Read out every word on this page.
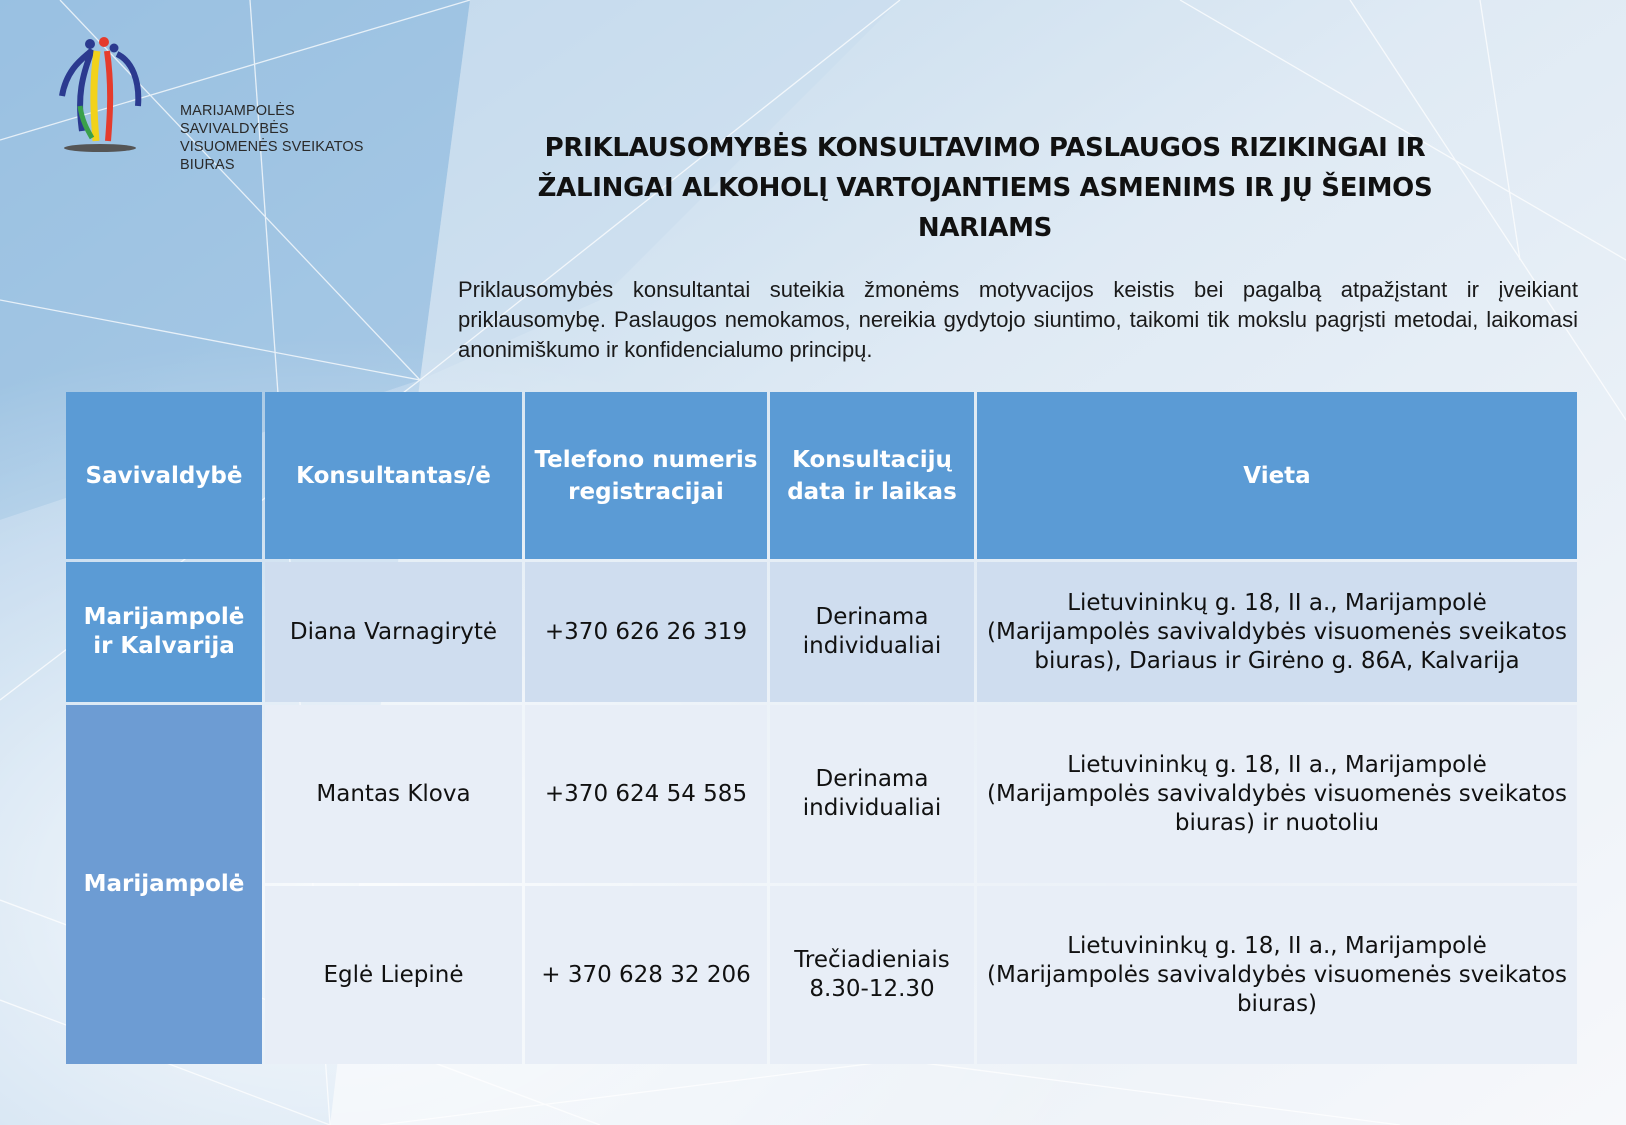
MARIJAMPOLĖS SAVIVALDYBĖS
VISUOMENĖS SVEIKATOS BIURAS
PRIKLAUSOMYBĖS KONSULTAVIMO PASLAUGOS RIZIKINGAI IR ŽALINGAI ALKOHOLĮ VARTOJANTIEMS ASMENIMS IR JŲ ŠEIMOS NARIAMS
Priklausomybės konsultantai suteikia žmonėms motyvacijos keistis bei pagalbą atpažįstant ir įveikiant priklausomybę. Paslaugos nemokamos, nereikia gydytojo siuntimo, taikomi tik mokslu pagrįsti metodai, laikomasi anonimiškumo ir konfidencialumo principų.
Savivaldybė	Konsultantas/ė	Telefono numeris registracijai	Konsultacijų data ir laikas	Vieta
Marijampolė ir Kalvarija	Diana Varnagirytė	+370 626 26 319	Derinama individualiai	Lietuvininkų g. 18, II a., Marijampolė (Marijampolės savivaldybės visuomenės sveikatos biuras), Dariaus ir Girėno g. 86A, Kalvarija
Marijampolė	Mantas Klova	+370 624 54 585	Derinama individualiai	Lietuvininkų g. 18, II a., Marijampolė (Marijampolės savivaldybės visuomenės sveikatos biuras) ir nuotoliu
	Eglė Liepinė	+ 370 628 32 206	Trečiadieniais 8.30-12.30	Lietuvininkų g. 18, II a., Marijampolė (Marijampolės savivaldybės visuomenės sveikatos biuras)
